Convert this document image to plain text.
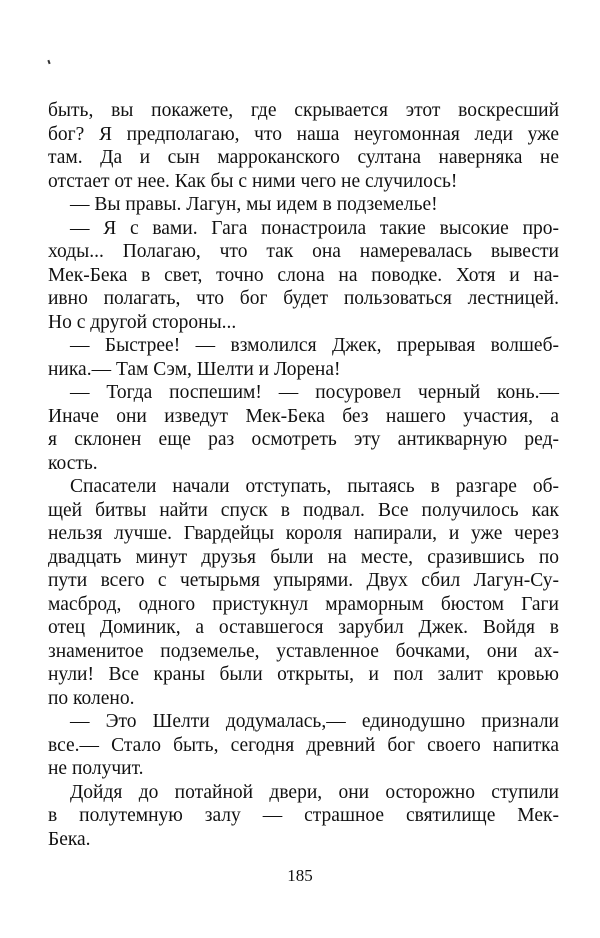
быть, вы покажете, где скрывается этот воскресший
бог? Я предполагаю, что наша неугомонная леди уже
там. Да и сын марроканского султана наверняка не
отстает от нее. Как бы с ними чего не случилось!
— Вы правы. Лагун, мы идем в подземелье!
— Я с вами. Гага понастроила такие высокие про-
ходы... Полагаю, что так она намеревалась вывести
Мек-Бека в свет, точно слона на поводке. Хотя и на-
ивно полагать, что бог будет пользоваться лестницей.
Но с другой стороны...
— Быстрее! — взмолился Джек, прерывая волшеб-
ника.— Там Сэм, Шелти и Лорена!
— Тогда поспешим! — посуровел черный конь.—
Иначе они изведут Мек-Бека без нашего участия, а
я склонен еще раз осмотреть эту антикварную ред-
кость.
Спасатели начали отступать, пытаясь в разгаре об-
щей битвы найти спуск в подвал. Все получилось как
нельзя лучше. Гвардейцы короля напирали, и уже через
двадцать минут друзья были на месте, сразившись по
пути всего с четырьмя упырями. Двух сбил Лагун-Су-
масброд, одного пристукнул мраморным бюстом Гаги
отец Доминик, а оставшегося зарубил Джек. Войдя в
знаменитое подземелье, уставленное бочками, они ах-
нули! Все краны были открыты, и пол залит кровью
по колено.
— Это Шелти додумалась,— единодушно признали
все.— Стало быть, сегодня древний бог своего напитка
не получит.
Дойдя до потайной двери, они осторожно ступили
в полутемную залу — страшное святилище Мек-
Бека.
185
